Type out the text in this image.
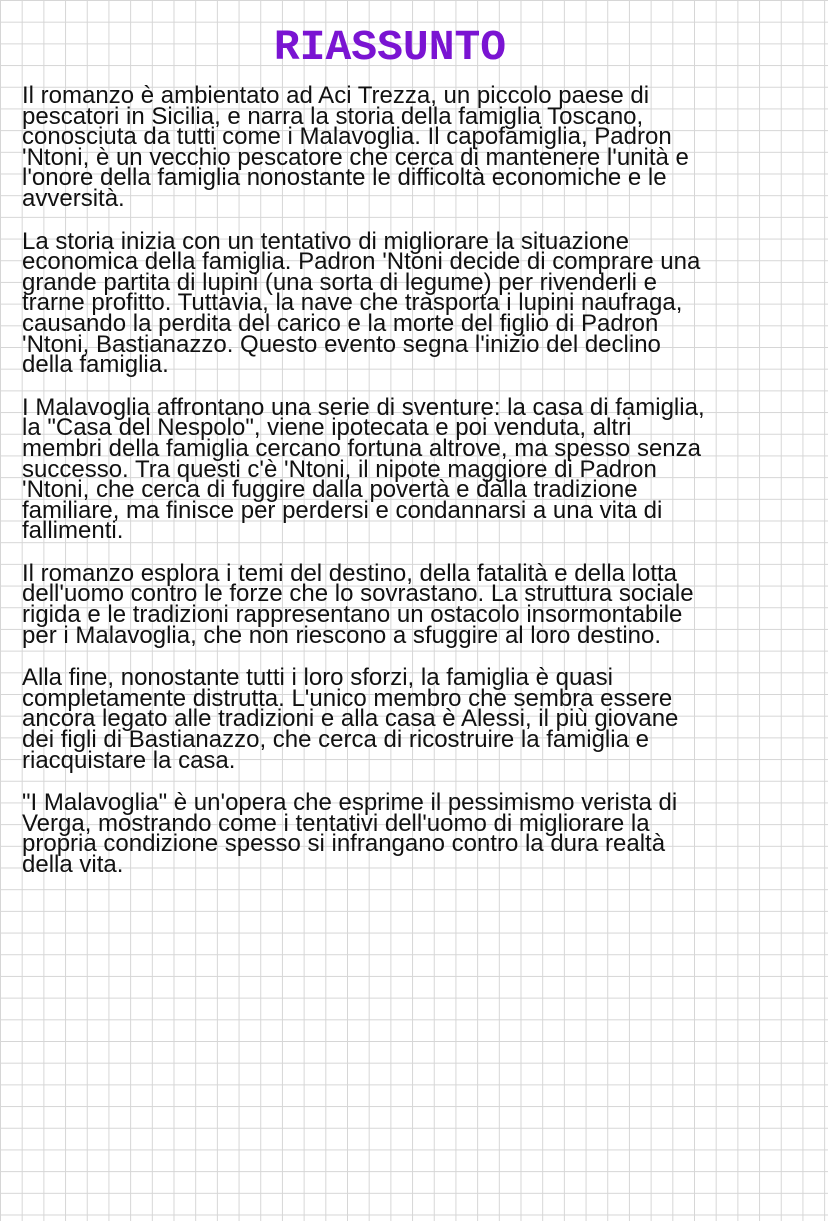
RIASSUNTO
Il romanzo è ambientato ad Aci Trezza, un piccolo paese di
pescatori in Sicilia, e narra la storia della famiglia Toscano,
conosciuta da tutti come i Malavoglia. Il capofamiglia, Padron
'Ntoni, è un vecchio pescatore che cerca di mantenere l'unità e
l'onore della famiglia nonostante le difficoltà economiche e le
avversità.
La storia inizia con un tentativo di migliorare la situazione
economica della famiglia. Padron 'Ntoni decide di comprare una
grande partita di lupini (una sorta di legume) per rivenderli e
trarne profitto. Tuttavia, la nave che trasporta i lupini naufraga,
causando la perdita del carico e la morte del figlio di Padron
'Ntoni, Bastianazzo. Questo evento segna l'inizio del declino
della famiglia.
I Malavoglia affrontano una serie di sventure: la casa di famiglia,
la "Casa del Nespolo", viene ipotecata e poi venduta, altri
membri della famiglia cercano fortuna altrove, ma spesso senza
successo. Tra questi c'è 'Ntoni, il nipote maggiore di Padron
'Ntoni, che cerca di fuggire dalla povertà e dalla tradizione
familiare, ma finisce per perdersi e condannarsi a una vita di
fallimenti.
Il romanzo esplora i temi del destino, della fatalità e della lotta
dell'uomo contro le forze che lo sovrastano. La struttura sociale
rigida e le tradizioni rappresentano un ostacolo insormontabile
per i Malavoglia, che non riescono a sfuggire al loro destino.
Alla fine, nonostante tutti i loro sforzi, la famiglia è quasi
completamente distrutta. L'unico membro che sembra essere
ancora legato alle tradizioni e alla casa è Alessi, il più giovane
dei figli di Bastianazzo, che cerca di ricostruire la famiglia e
riacquistare la casa.
"I Malavoglia" è un'opera che esprime il pessimismo verista di
Verga, mostrando come i tentativi dell'uomo di migliorare la
propria condizione spesso si infrangano contro la dura realtà
della vita.
